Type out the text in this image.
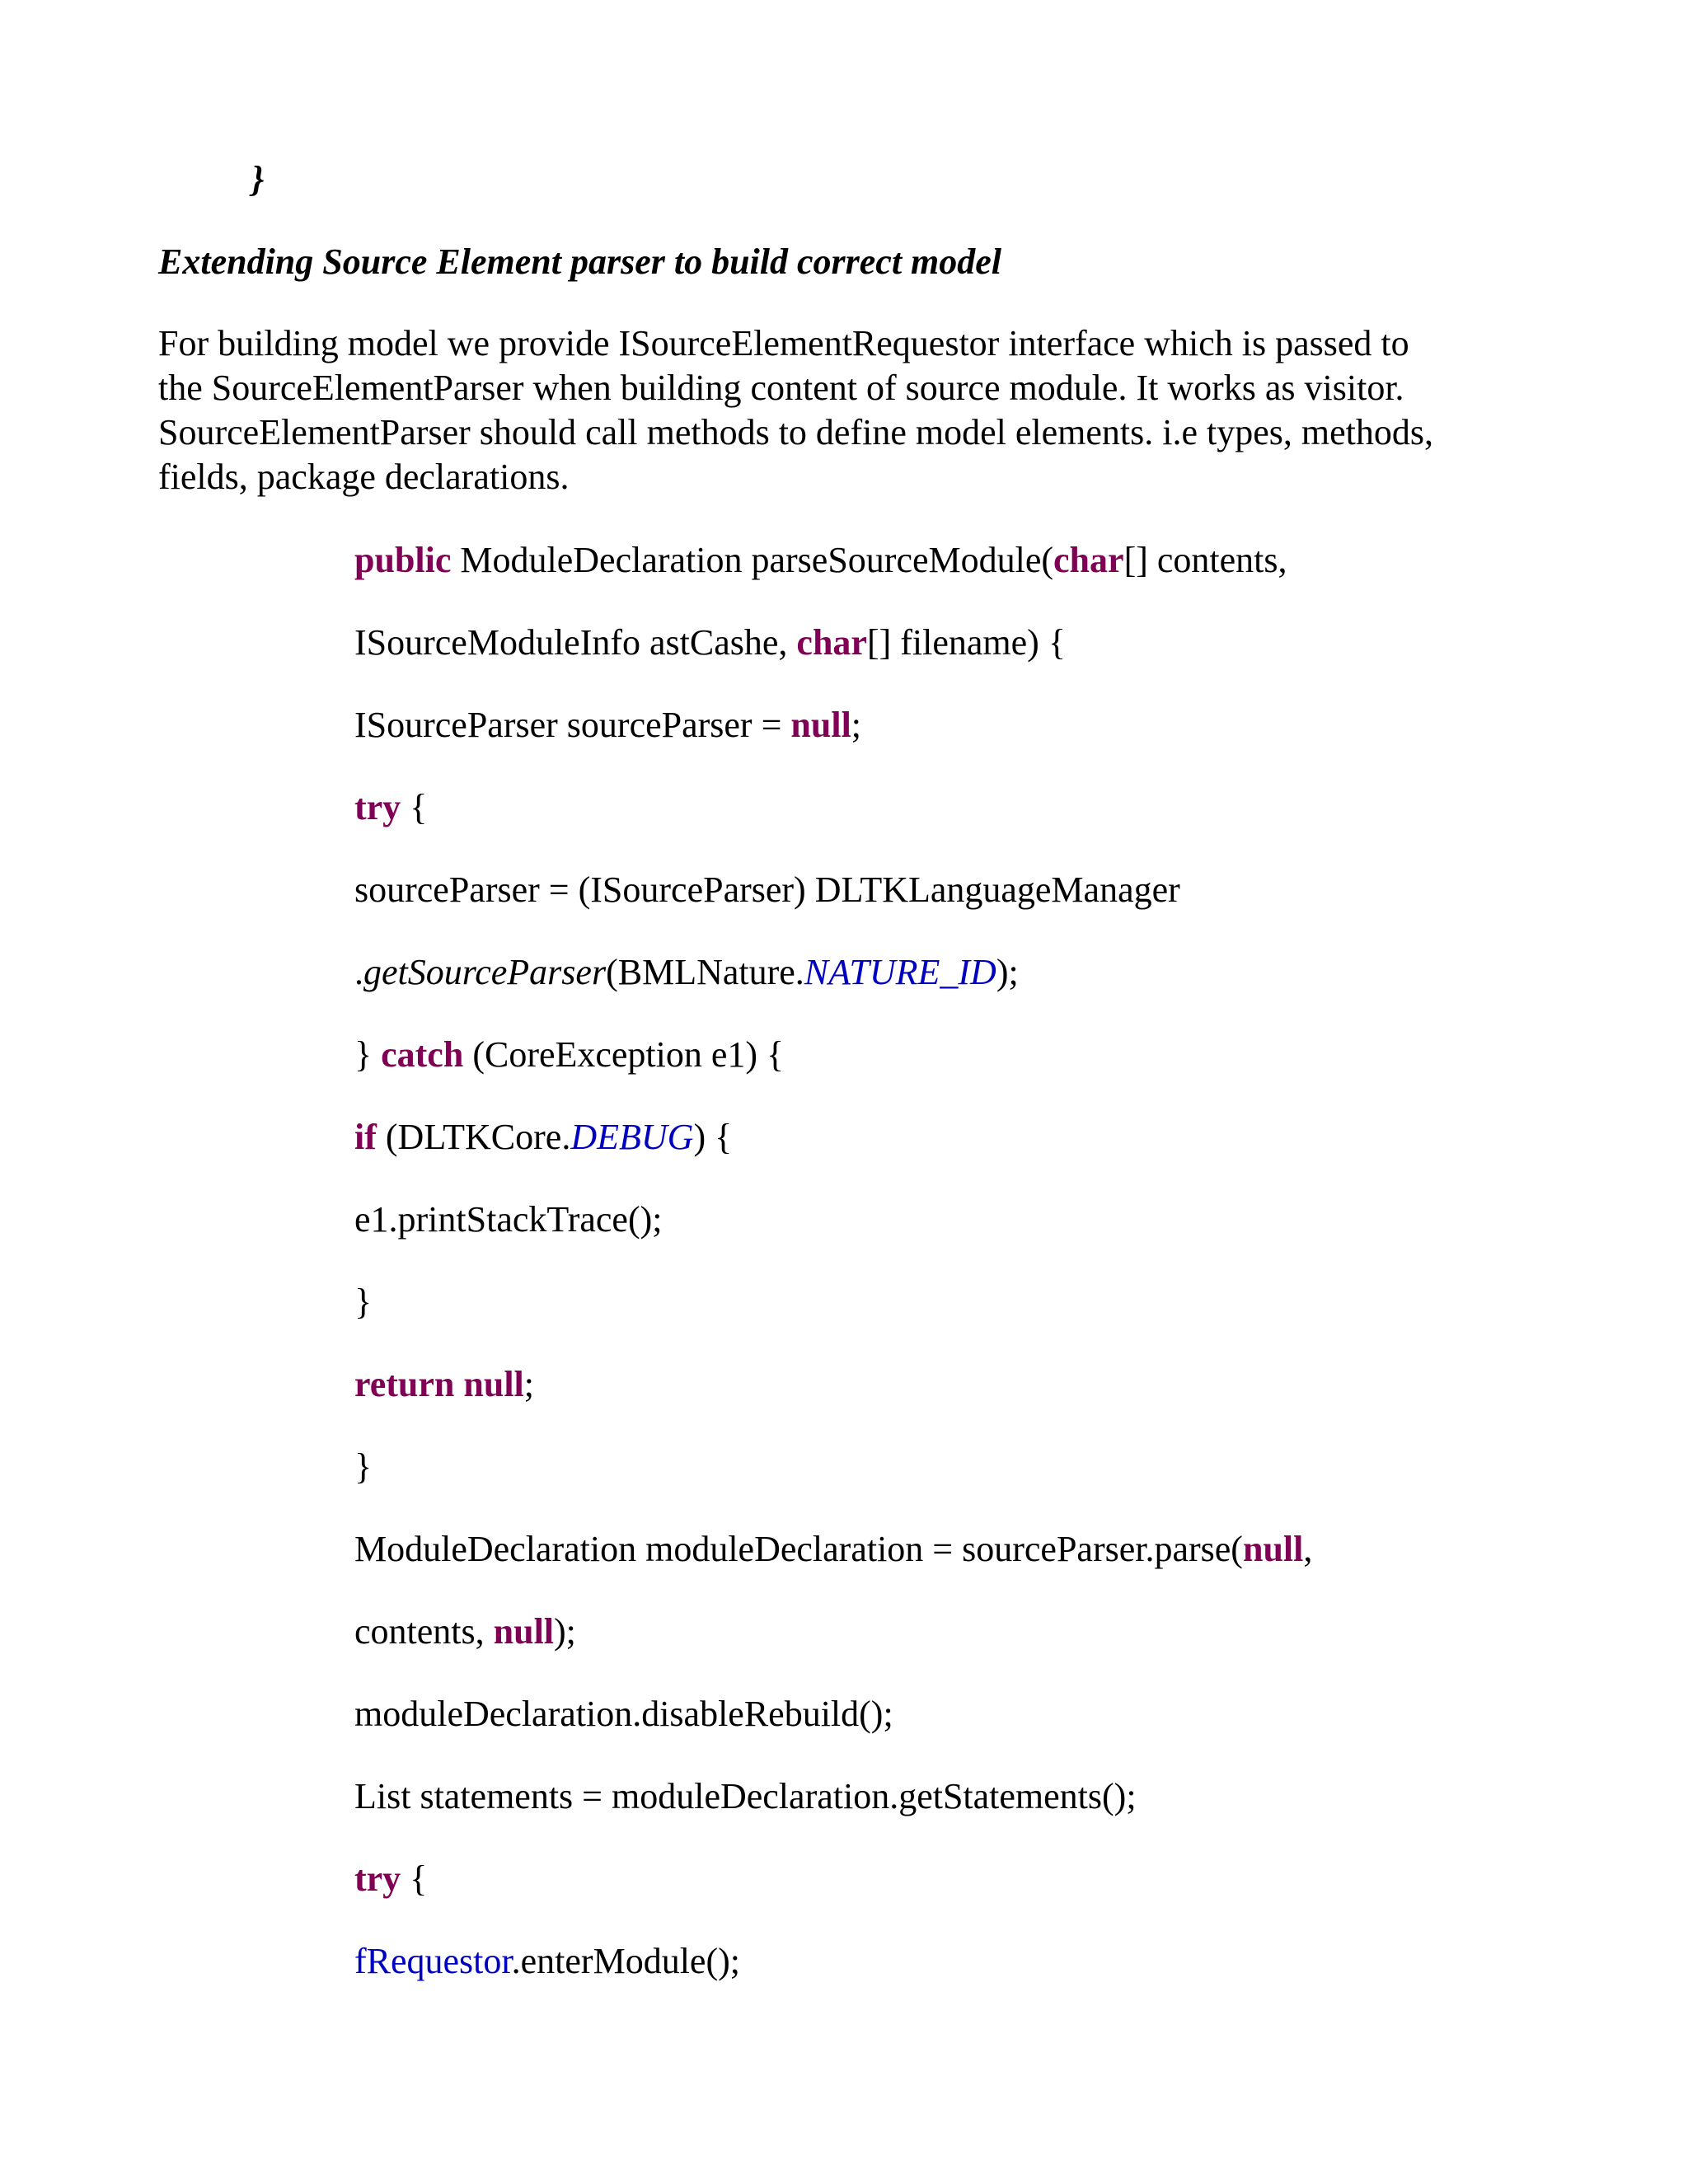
}
Extending Source Element parser to build correct model

For building model we provide ISourceElementRequestor interface which is passed to
the SourceElementParser when building content of source module. It works as visitor.
SourceElementParser should call methods to define model elements. i.e types, methods,
fields, package declarations.

public ModuleDeclaration parseSourceModule(char[] contents,
ISourceModuleInfo astCashe, char[] filename) {
ISourceParser sourceParser = null;
try {
sourceParser = (ISourceParser) DLTKLanguageManager
.getSourceParser(BMLNature.NATURE_ID);
} catch (CoreException e1) {
if (DLTKCore.DEBUG) {
e1.printStackTrace();
}
return null;
}
ModuleDeclaration moduleDeclaration = sourceParser.parse(null,
contents, null);
moduleDeclaration.disableRebuild();
List statements = moduleDeclaration.getStatements();
try {
fRequestor.enterModule();
